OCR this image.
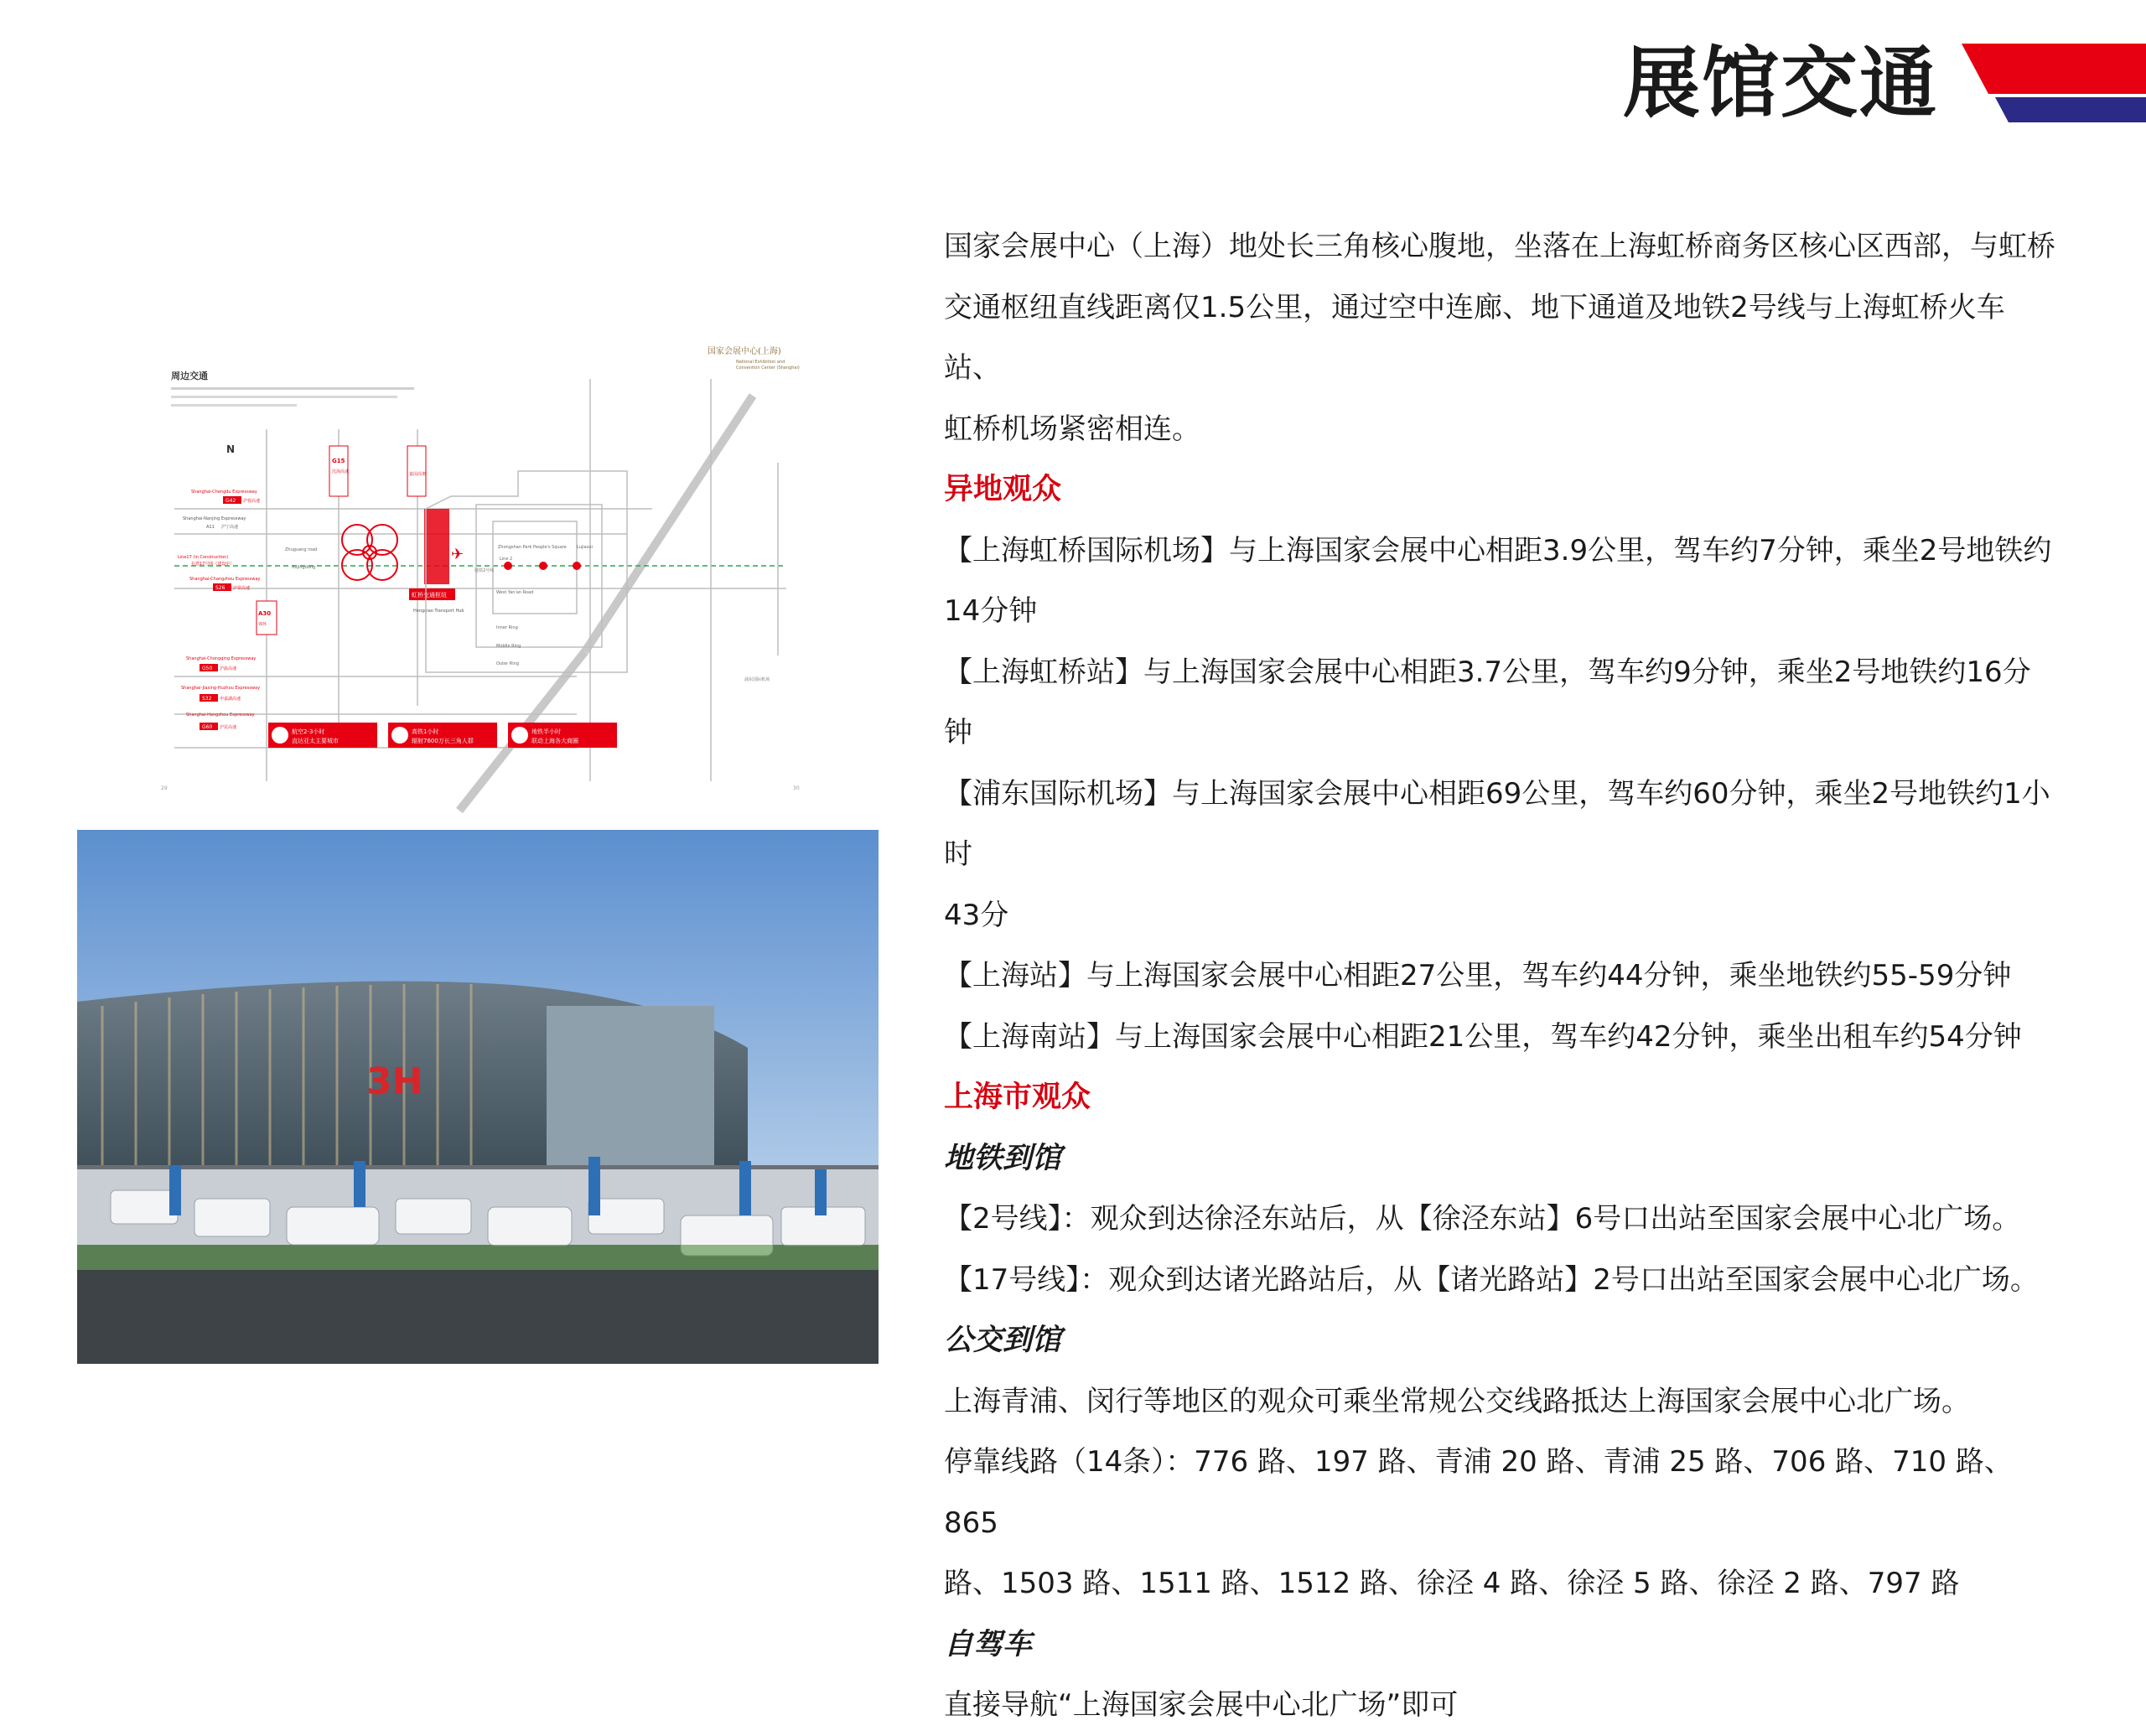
展馆交通
周边交通
国家会展中心(上海)
National Exhibition and
Convention Center (Shanghai)
G15
沈海高速	嘉闵高架
A30
郊环
虹桥交通枢纽
Hongqiao Transport Hub
✈	Line 2
Zhongshan Park People's Square Lujiazui
West Yan'an Road
Inner Ring
Middle Ring
Outer Ring
Zhuguang road
Xujingdong
地铁2号线
浦东国际机场
N
Shanghai-Chengdu Expressway
G42 沪蓉高速
Shanghai-Nanjing Expressway
A11 沪宁高速
Line17 (in Construction)
在建17号线（建设中）
Shanghai-Changzhou Expressway
S26 沪常高速
Shanghai-Chongqing Expressway
G50 沪渝高速
Shanghai-Jiaxing-Huzhou Expressway
S32 申嘉湖高速
Shanghai-Hangzhou Expressway
G60 沪昆高速
航空2-3小时
直达亚太主要城市
高铁1小时
辐射7600万长三角人群
地铁半小时
联动上海各大商圈
29	30
3H

国家会展中心（上海）地处长三角核心腹地，坐落在上海虹桥商务区核心区西部，与虹桥

交通枢纽直线距离仅1.5公里，通过空中连廊、地下通道及地铁2号线与上海虹桥火车站、

虹桥机场紧密相连。

异地观众

【上海虹桥国际机场】与上海国家会展中心相距3.9公里，驾车约7分钟，乘坐2号地铁约

14分钟

【上海虹桥站】与上海国家会展中心相距3.7公里，驾车约9分钟，乘坐2号地铁约16分钟

【浦东国际机场】与上海国家会展中心相距69公里，驾车约60分钟，乘坐2号地铁约1小时

43分

【上海站】与上海国家会展中心相距27公里，驾车约44分钟，乘坐地铁约55-59分钟

【上海南站】与上海国家会展中心相距21公里，驾车约42分钟，乘坐出租车约54分钟

上海市观众

地铁到馆

【2号线】：观众到达徐泾东站后，从【徐泾东站】6号口出站至国家会展中心北广场。

【17号线】：观众到达诸光路站后，从【诸光路站】2号口出站至国家会展中心北广场。

公交到馆

上海青浦、闵行等地区的观众可乘坐常规公交线路抵达上海国家会展中心北广场。

停靠线路（14条）：776 路、197 路、青浦 20 路、青浦 25 路、706 路、710 路、865

路、1503 路、1511 路、1512 路、徐泾 4 路、徐泾 5 路、徐泾 2 路、797 路

自驾车

直接导航“上海国家会展中心北广场”即可
